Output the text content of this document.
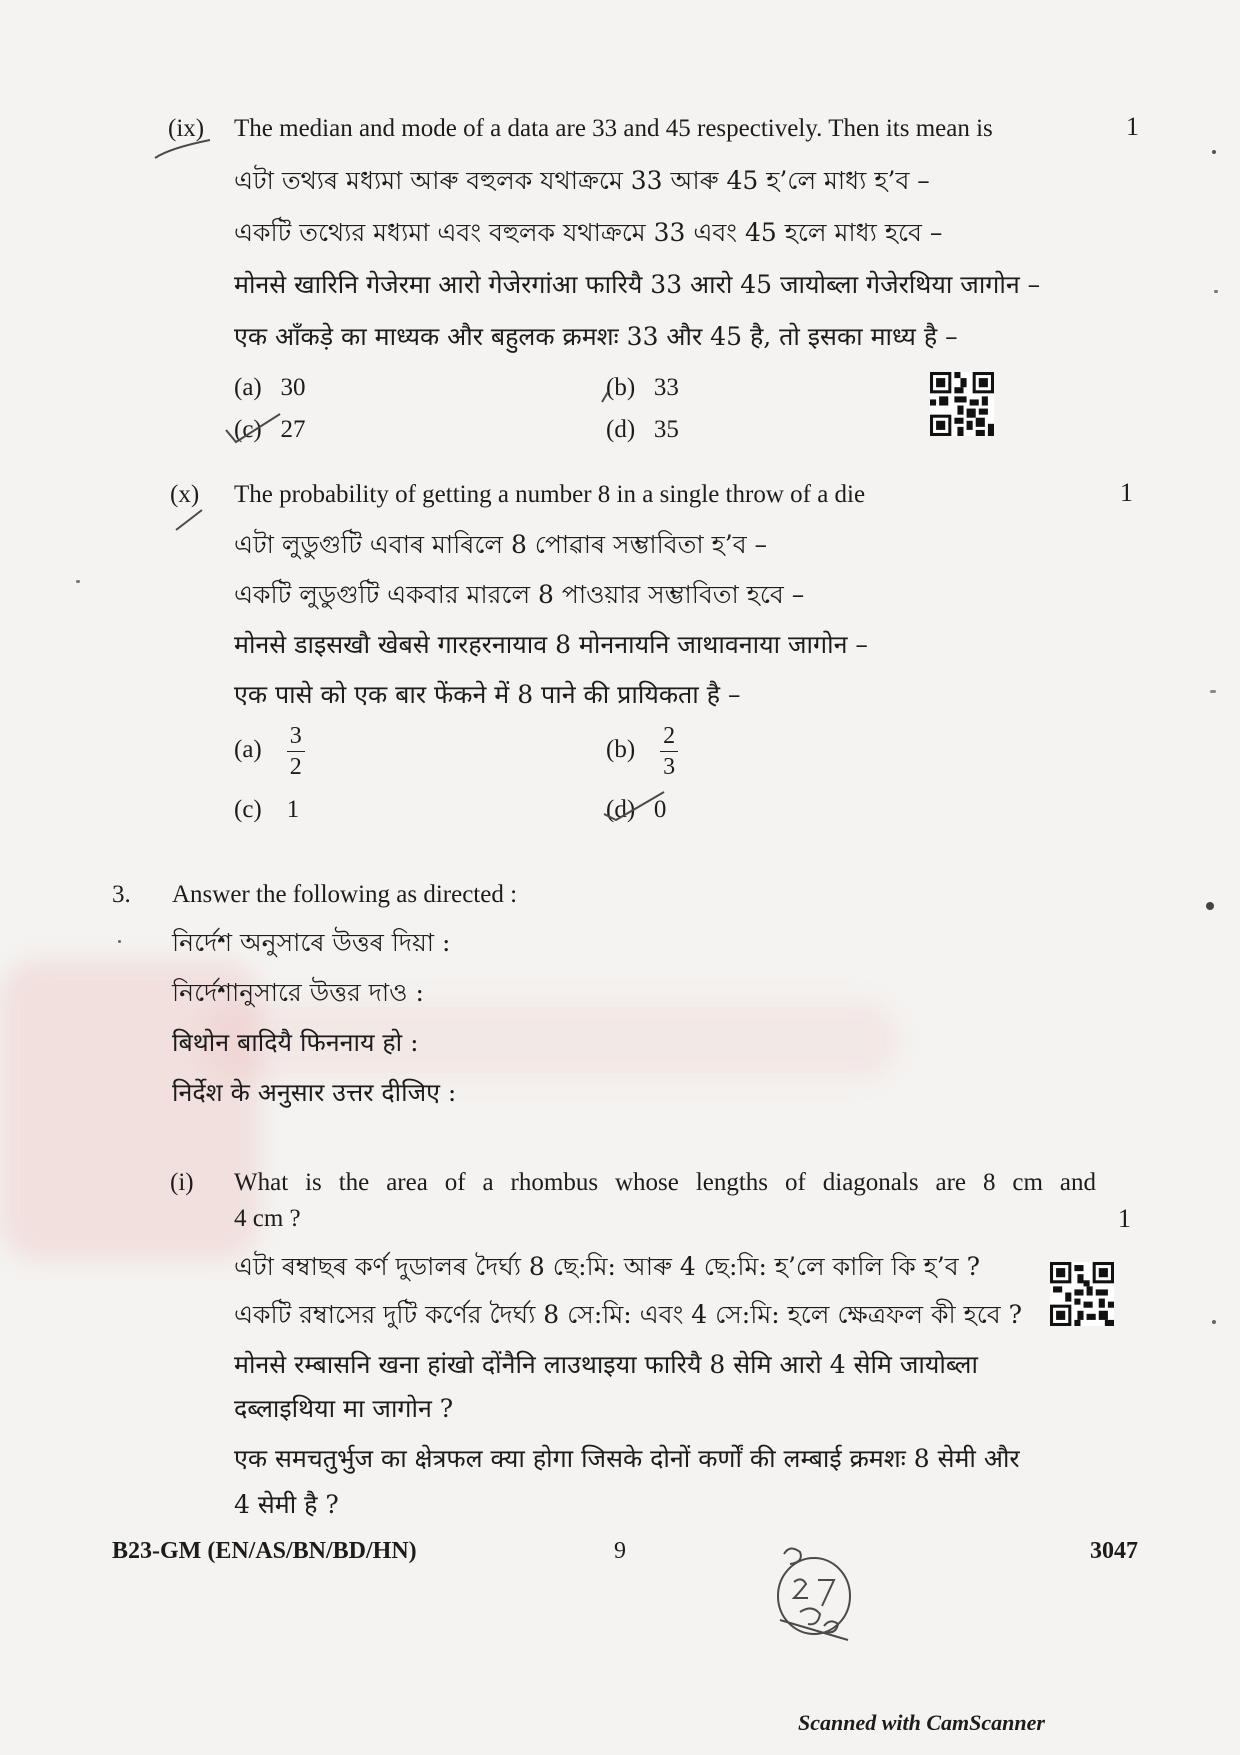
(ix) The median and mode of a data are 33 and 45 respectively. Then its mean is	1
এটা তথ্যৰ মধ্যমা আৰু বহুলক যথাক্ৰমে 33 আৰু 45 হ’লে মাধ্য হ’ব –
একটি তথ্যের মধ্যমা এবং বহুলক যথাক্রমে 33 এবং 45 হলে মাধ্য হবে –
मोनसे खारिनि गेजेरमा आरो गेजेरगांआ फारियै 33 आरो 45 जायोब्ला गेजेरथिया जागोन –
एक आँकड़े का माध्यक और बहुलक क्रमशः 33 और 45 है, तो इसका माध्य है –
(a) 30	(b) 33
(c) 27	(d) 35
(x) The probability of getting a number 8 in a single throw of a die	1
এটা লুডুগুটি এবাৰ মাৰিলে 8 পোৱাৰ সম্ভাবিতা হ’ব –
একটি লুডুগুটি একবার মারলে 8 পাওয়ার সম্ভাবিতা হবে –
मोनसे डाइसखौ खेबसे गारहरनायाव 8 मोननायनि जाथावनाया जागोन –
एक पासे को एक बार फेंकने में 8 पाने की प्रायिकता है –
$(a) \frac{3}{2}$	$(b) \frac{2}{3}$
(c) 1	(d) 0
3. Answer the following as directed :
নিৰ্দেশ অনুসাৰে উত্তৰ দিয়া :
নির্দেশানুসারে উত্তর দাও :
बिथोन बादियै फिननाय हो :
निर्देश के अनुसार उत्तर दीजिए :
(i) What is the area of a rhombus whose lengths of diagonals are 8 cm and
4 cm ?	1
এটা ৰম্বাছৰ কৰ্ণ দুডালৰ দৈৰ্ঘ্য 8 ছে:মি: আৰু 4 ছে:মি: হ’লে কালি কি হ’ব ?
একটি রম্বাসের দুটি কর্ণের দৈর্ঘ্য 8 সে:মি: এবং 4 সে:মি: হলে ক্ষেত্রফল কী হবে ?
मोनसे रम्बासनि खना हांखो दोंनैनि लाउथाइया फारियै 8 सेमि आरो 4 सेमि जायोब्ला
दब्लाइथिया मा जागोन ?
एक समचतुर्भुज का क्षेत्रफल क्या होगा जिसके दोनों कर्णों की लम्बाई क्रमशः 8 सेमी और
4 सेमी है ?
B23-GM (EN/AS/BN/BD/HN)	9	3047
Scanned with CamScanner
